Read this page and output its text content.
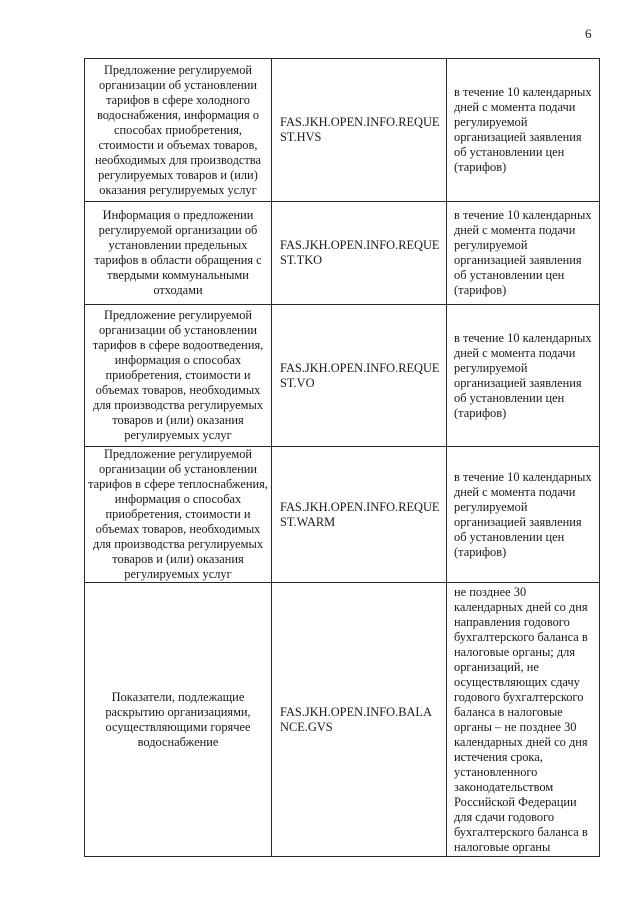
6
Предложение регулируемой организации об установлении тарифов в сфере холодного водоснабжения, информация о способах приобретения, стоимости и объемах товаров, необходимых для производства регулируемых товаров и (или) оказания регулируемых услуг	FAS.JKH.OPEN.INFO.REQUEST.HVS	в течение 10 календарных дней с момента подачи регулируемой организацией заявления об установлении цен (тарифов)

Информация о предложении регулируемой организации об установлении предельных тарифов в области обращения с твердыми коммунальными отходами	FAS.JKH.OPEN.INFO.REQUEST.TKO	в течение 10 календарных дней с момента подачи регулируемой организацией заявления об установлении цен (тарифов)

Предложение регулируемой организации об установлении тарифов в сфере водоотведения, информация о способах приобретения, стоимости и объемах товаров, необходимых для производства регулируемых товаров и (или) оказания регулируемых услуг	FAS.JKH.OPEN.INFO.REQUEST.VO	в течение 10 календарных дней с момента подачи регулируемой организацией заявления об установлении цен (тарифов)

Предложение регулируемой организации об установлении тарифов в сфере теплоснабжения, информация о способах приобретения, стоимости и объемах товаров, необходимых для производства регулируемых товаров и (или) оказания регулируемых услуг	FAS.JKH.OPEN.INFO.REQUEST.WARM	в течение 10 календарных дней с момента подачи регулируемой организацией заявления об установлении цен (тарифов)

Показатели, подлежащие раскрытию организациями, осуществляющими горячее водоснабжение	FAS.JKH.OPEN.INFO.BALANCE.GVS	не позднее 30 календарных дней со дня направления годового бухгалтерского баланса в налоговые органы; для организаций, не осуществляющих сдачу годового бухгалтерского баланса в налоговые органы – не позднее 30 календарных дней со дня истечения срока, установленного законодательством Российской Федерации для сдачи годового бухгалтерского баланса в налоговые органы
